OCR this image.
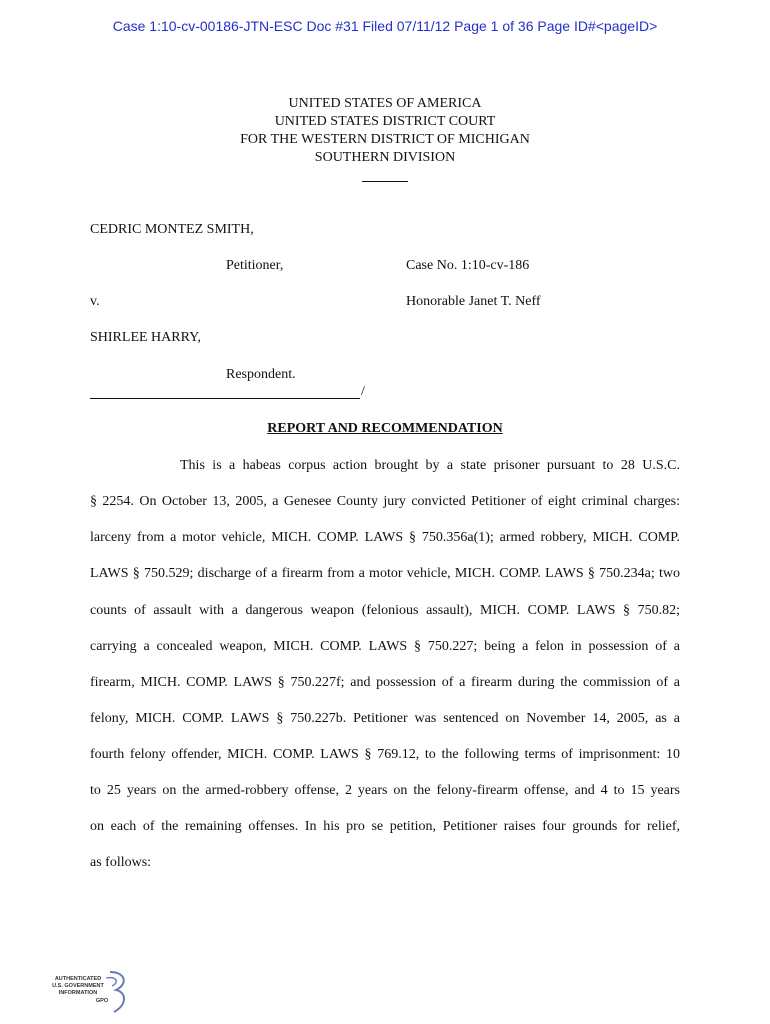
Case 1:10-cv-00186-JTN-ESC Doc #31 Filed 07/11/12 Page 1 of 36 Page ID#<pageID>
UNITED STATES OF AMERICA
UNITED STATES DISTRICT COURT
FOR THE WESTERN DISTRICT OF MICHIGAN
SOUTHERN DIVISION
CEDRIC MONTEZ SMITH,
Petitioner,	Case No. 1:10-cv-186
v.	Honorable Janet T. Neff
SHIRLEE HARRY,
Respondent.
/
REPORT AND RECOMMENDATION
This is a habeas corpus action brought by a state prisoner pursuant to 28 U.S.C.
§ 2254. On October 13, 2005, a Genesee County jury convicted Petitioner of eight criminal charges:
larceny from a motor vehicle, MICH. COMP. LAWS § 750.356a(1); armed robbery, MICH. COMP.
LAWS § 750.529; discharge of a firearm from a motor vehicle, MICH. COMP. LAWS § 750.234a; two
counts of assault with a dangerous weapon (felonious assault), MICH. COMP. LAWS § 750.82;
carrying a concealed weapon, MICH. COMP. LAWS § 750.227; being a felon in possession of a
firearm, MICH. COMP. LAWS § 750.227f; and possession of a firearm during the commission of a
felony, MICH. COMP. LAWS § 750.227b. Petitioner was sentenced on November 14, 2005, as a
fourth felony offender, MICH. COMP. LAWS § 769.12, to the following terms of imprisonment: 10
to 25 years on the armed-robbery offense, 2 years on the felony-firearm offense, and 4 to 15 years
on each of the remaining offenses. In his pro se petition, Petitioner raises four grounds for relief,
as follows:
AUTHENTICATED
U.S. GOVERNMENT
INFORMATION
GPO
